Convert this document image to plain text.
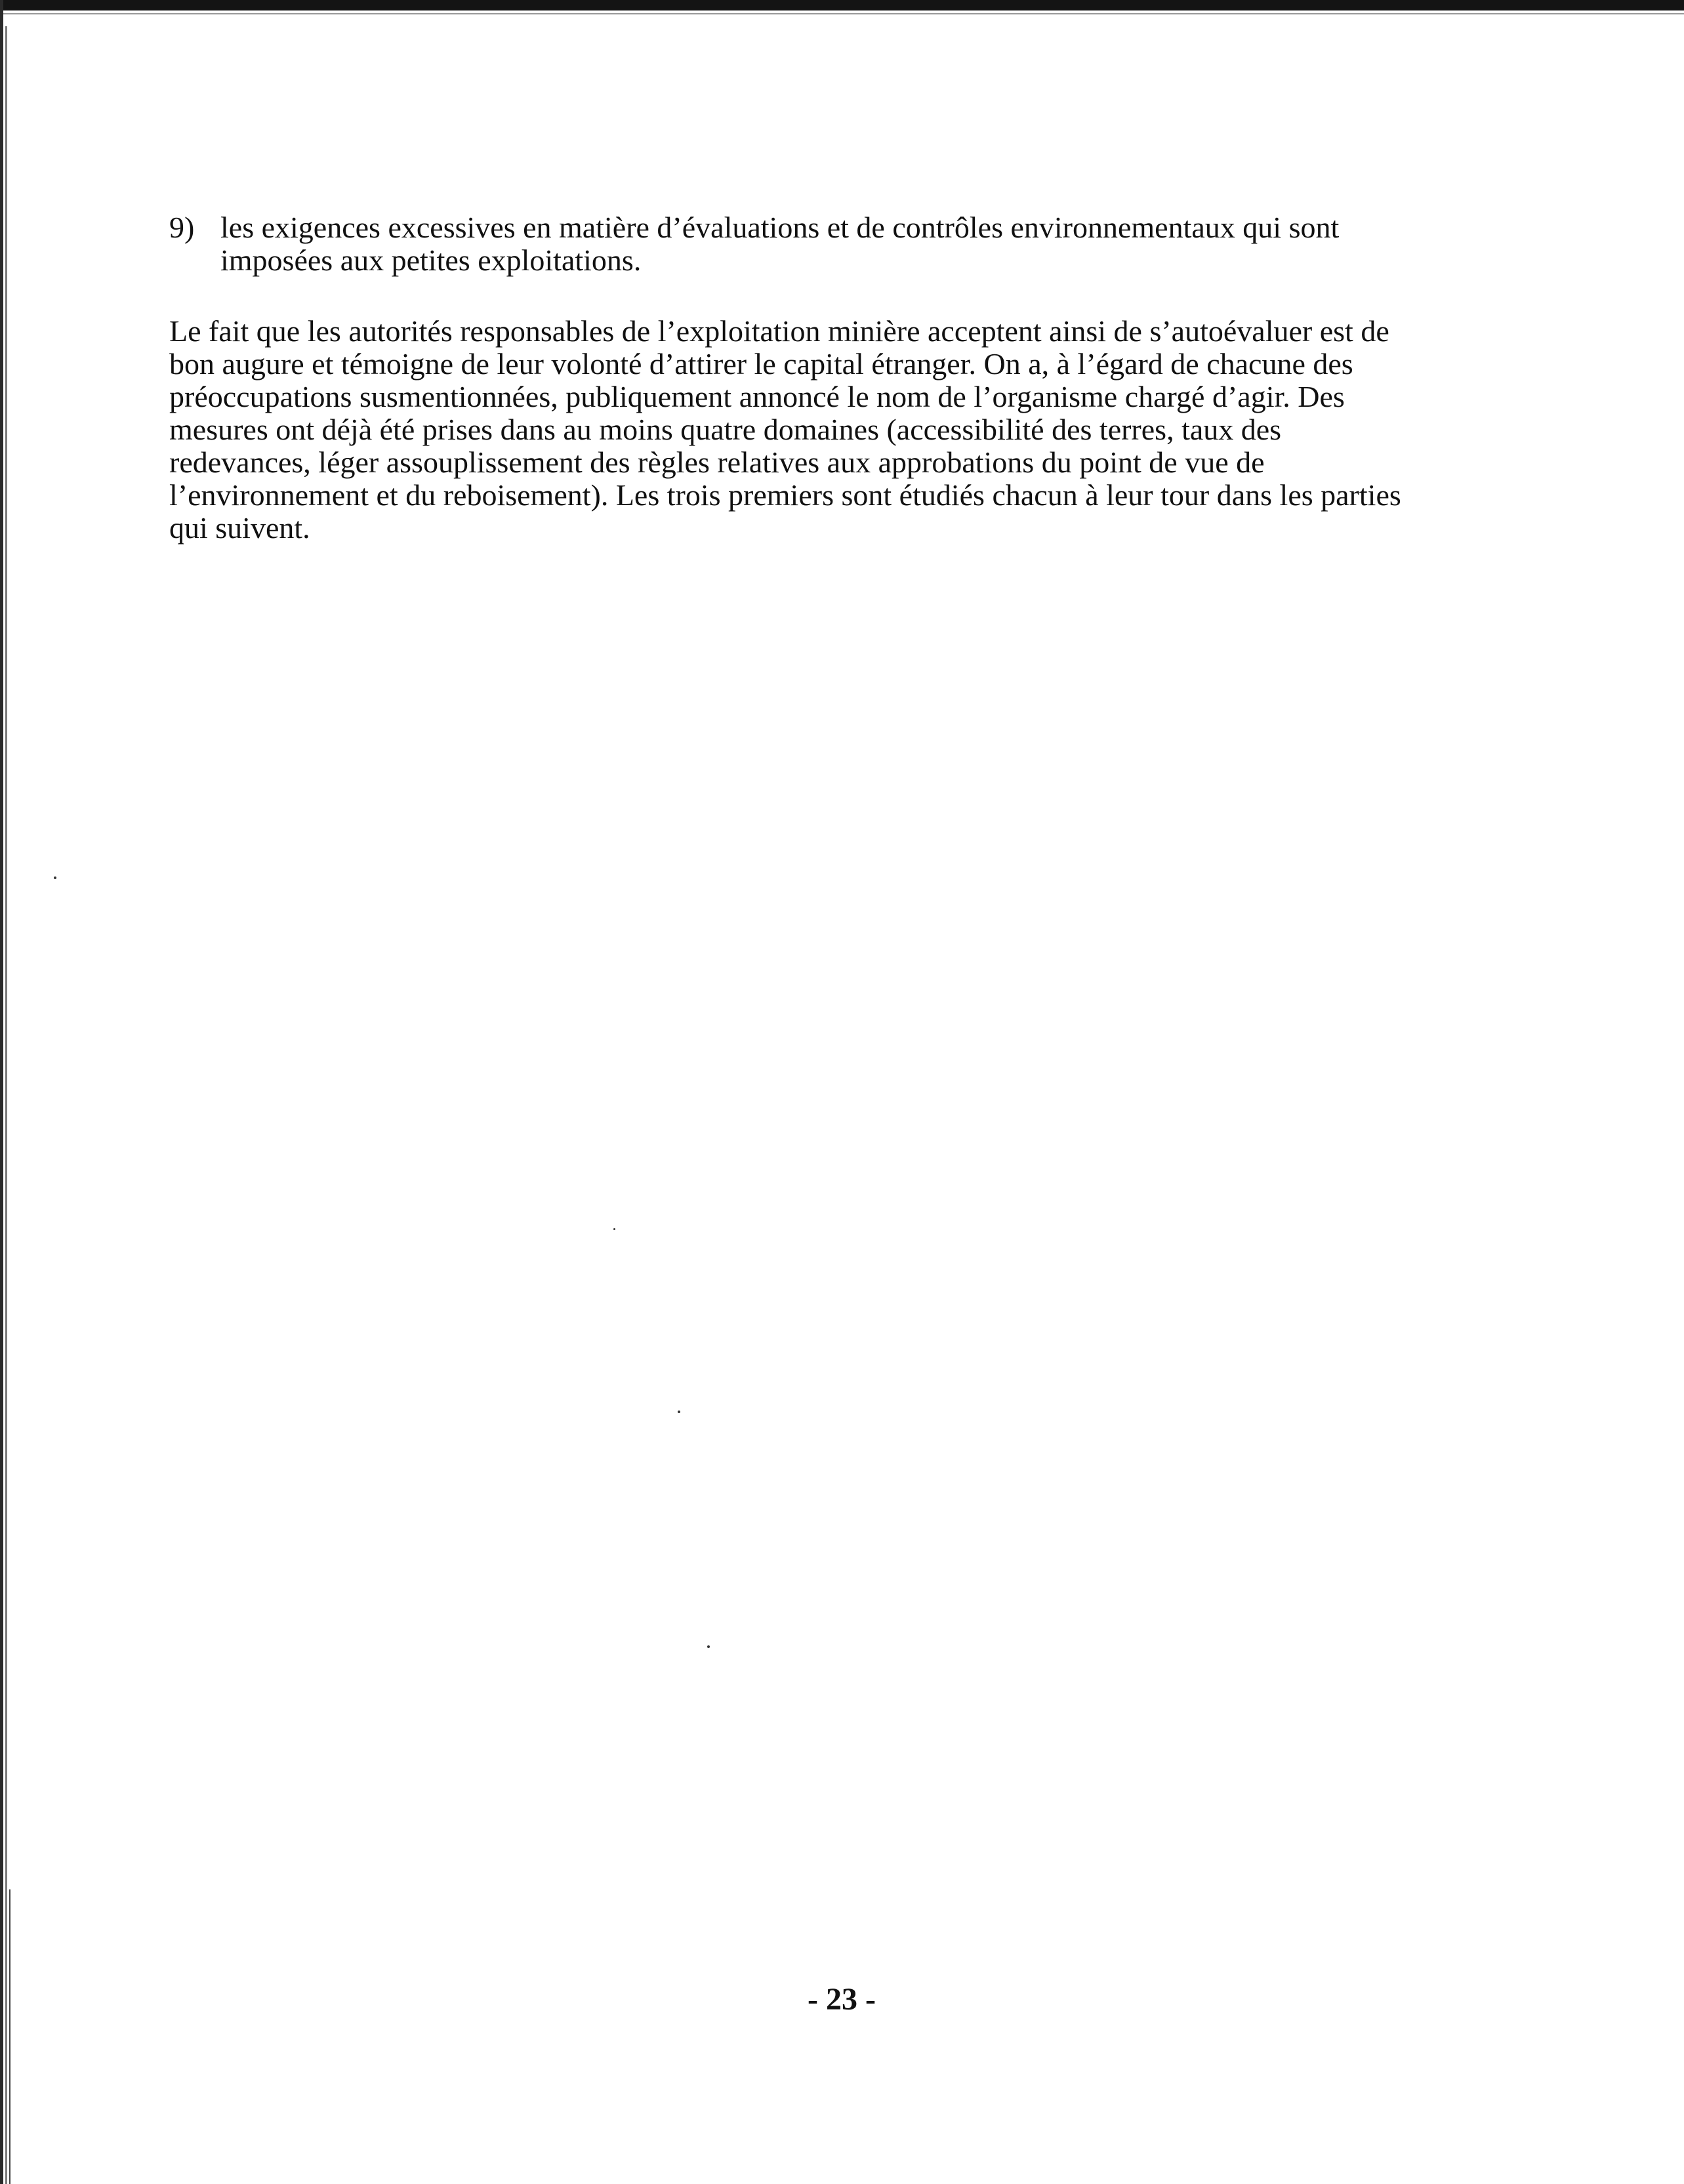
9) les exigences excessives en matière d’évaluations et de contrôles environnementaux qui sont
imposées aux petites exploitations.

Le fait que les autorités responsables de l’exploitation minière acceptent ainsi de s’autoévaluer est de
bon augure et témoigne de leur volonté d’attirer le capital étranger. On a, à l’égard de chacune des
préoccupations susmentionnées, publiquement annoncé le nom de l’organisme chargé d’agir. Des
mesures ont déjà été prises dans au moins quatre domaines (accessibilité des terres, taux des
redevances, léger assouplissement des règles relatives aux approbations du point de vue de
l’environnement et du reboisement). Les trois premiers sont étudiés chacun à leur tour dans les parties
qui suivent.

- 23 -
